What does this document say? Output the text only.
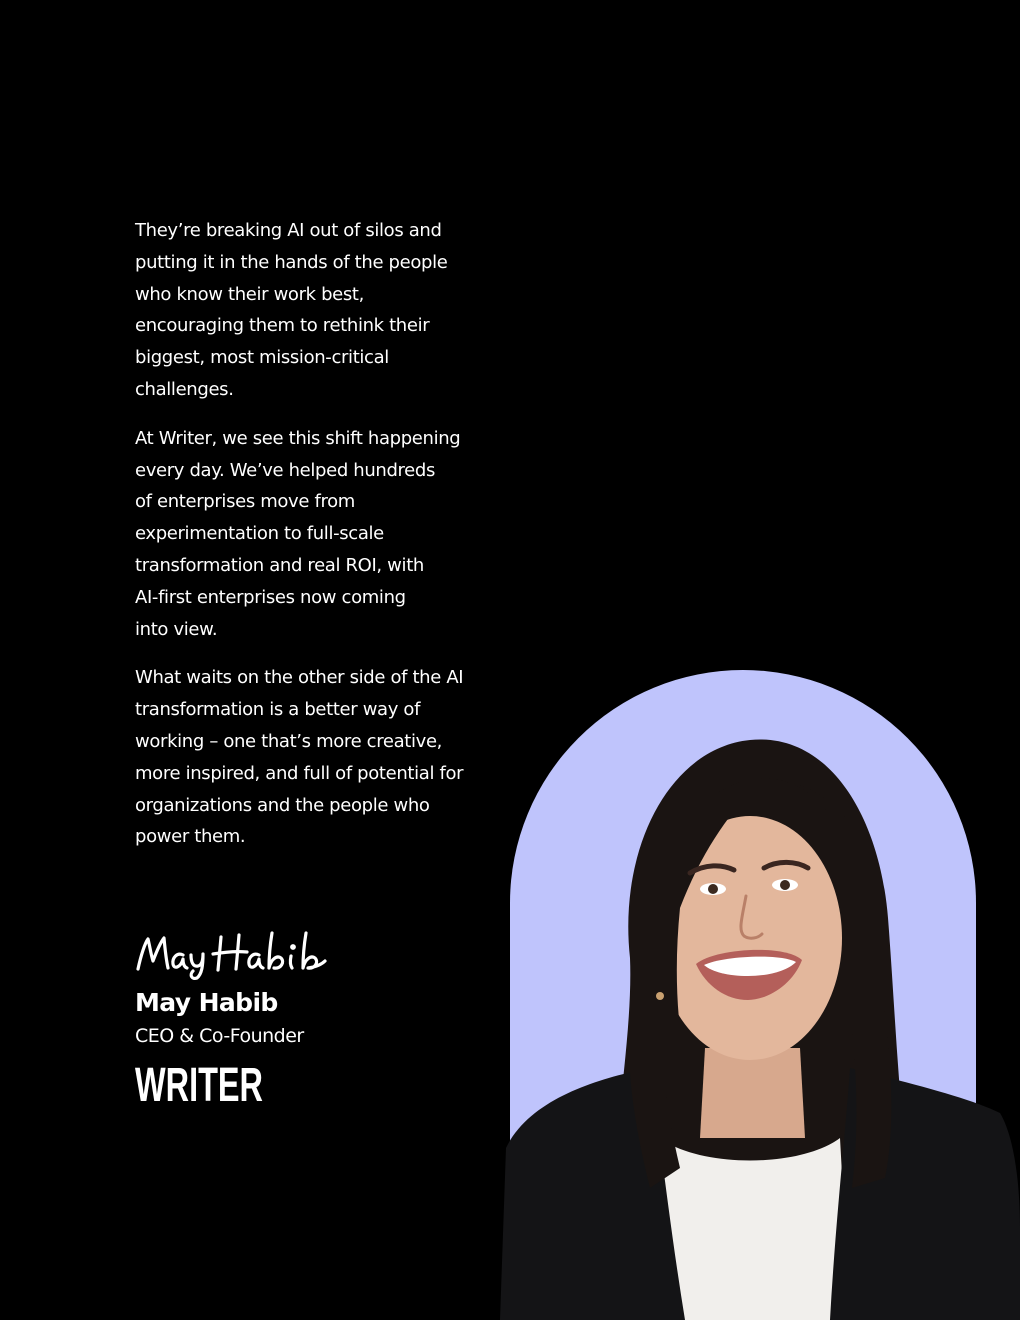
They’re breaking AI out of silos and
putting it in the hands of the people
who know their work best,
encouraging them to rethink their
biggest, most mission-critical
challenges.

At Writer, we see this shift happening
every day. We’ve helped hundreds
of enterprises move from
experimentation to full-scale
transformation and real ROI, with
AI-first enterprises now coming
into view.

What waits on the other side of the AI
transformation is a better way of
working – one that’s more creative,
more inspired, and full of potential for
organizations and the people who
power them.

May Habib
CEO & Co-Founder
WRITER
